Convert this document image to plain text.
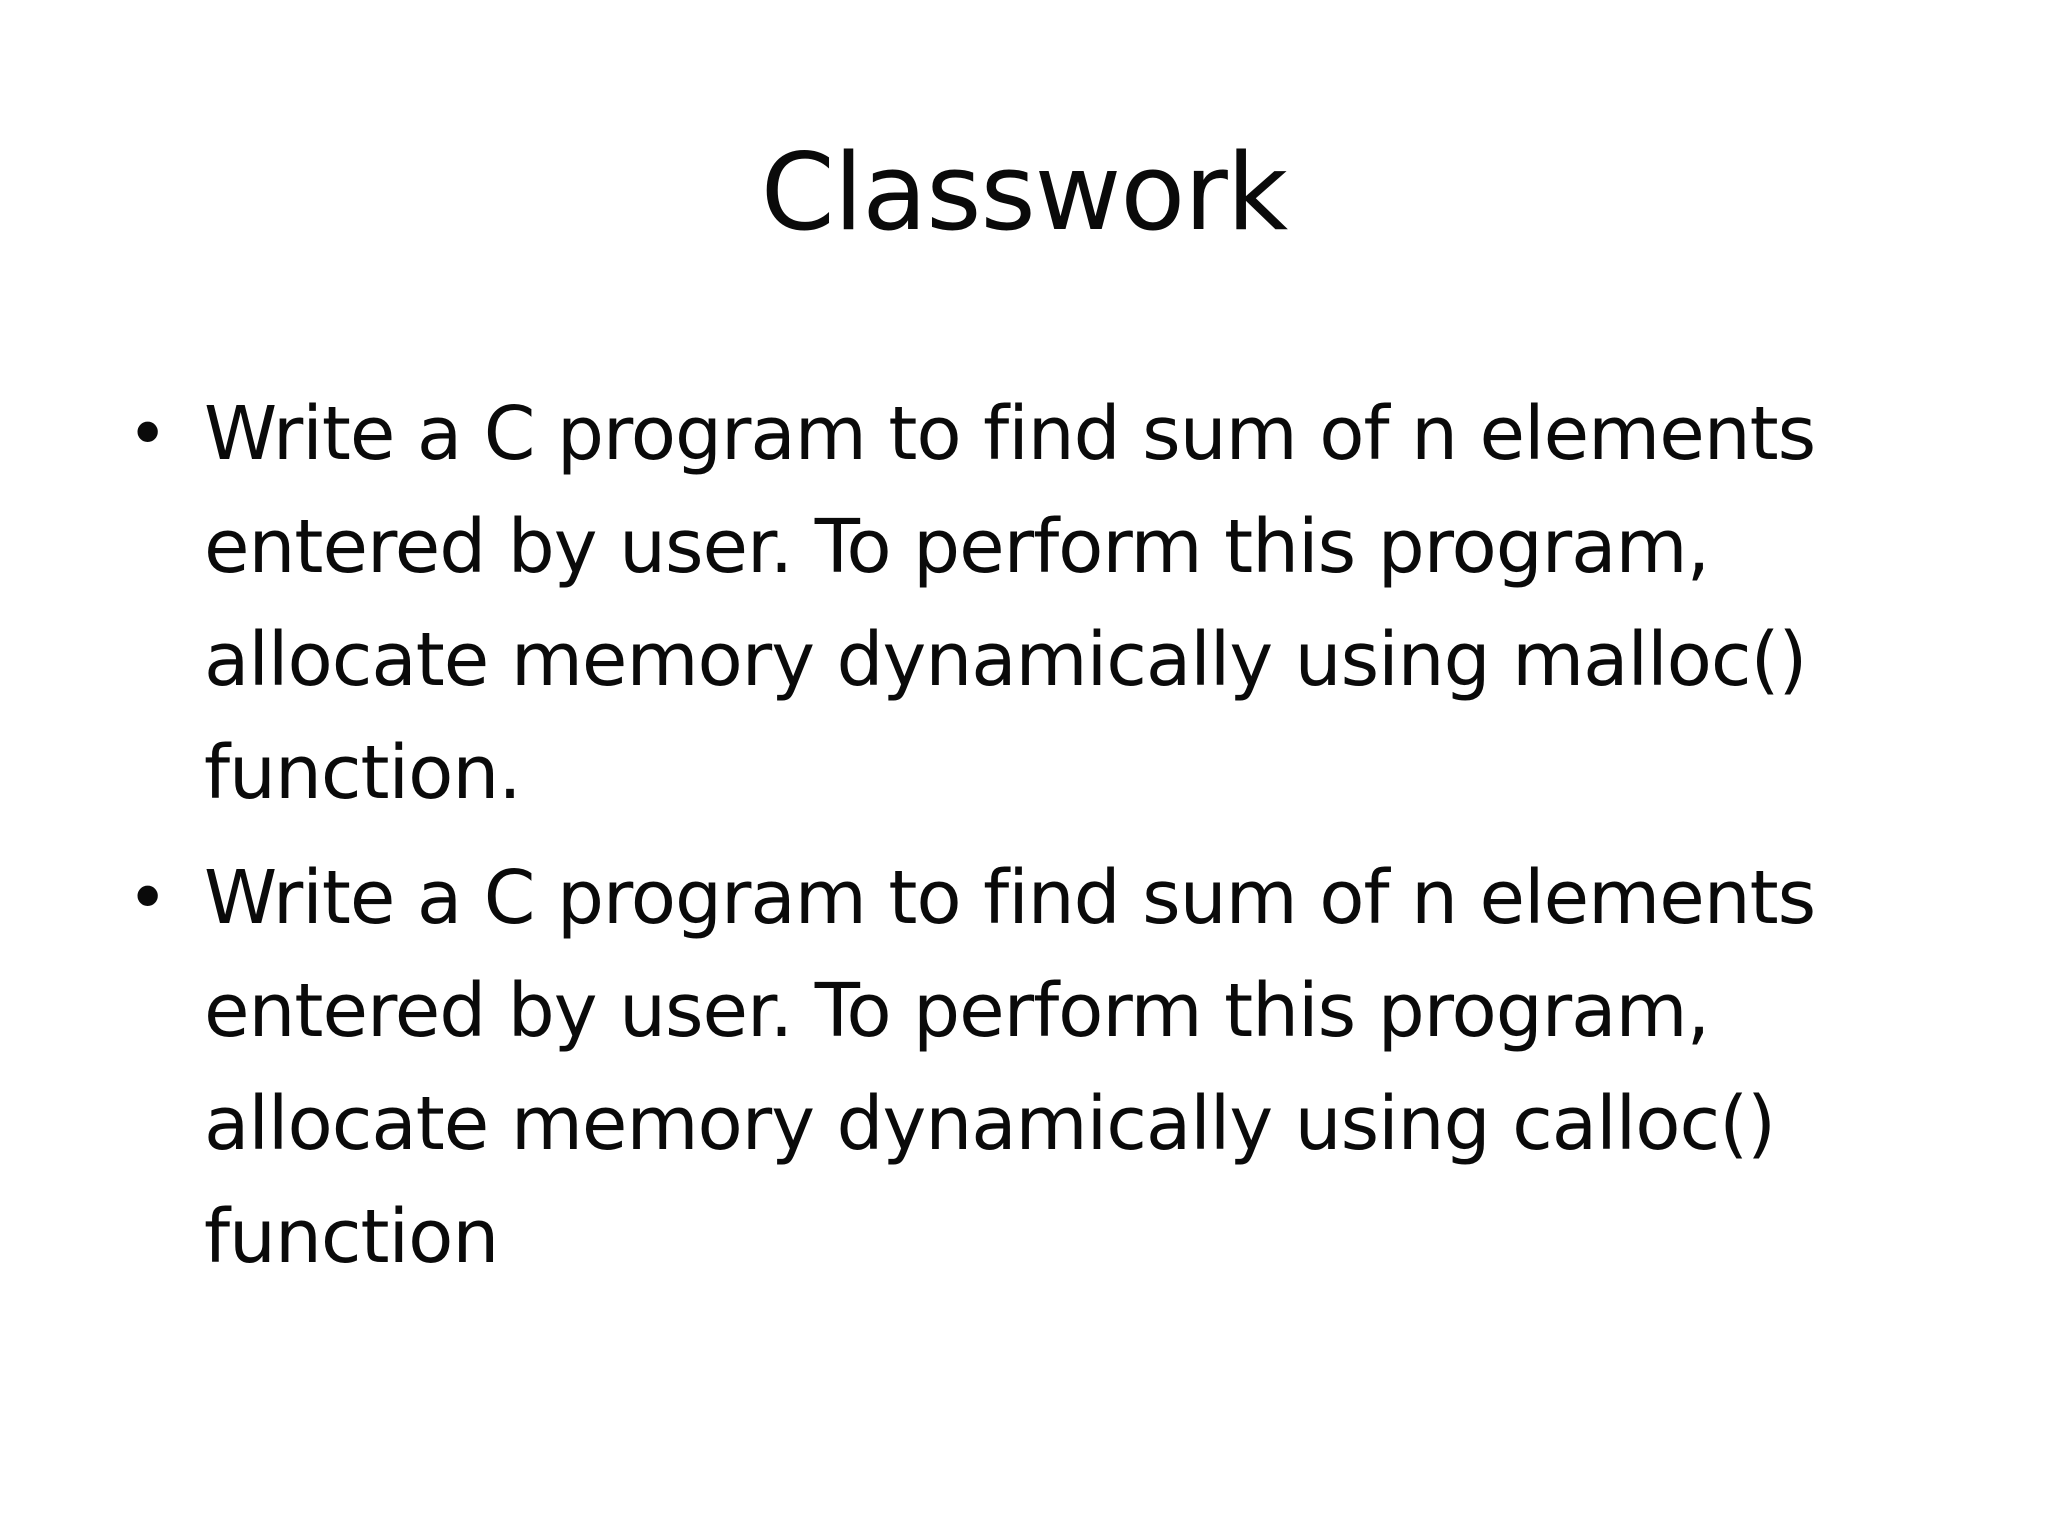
Classwork
• Write a C program to find sum of n elements
entered by user. To perform this program,
allocate memory dynamically using malloc()
function.
• Write a C program to find sum of n elements
entered by user. To perform this program,
allocate memory dynamically using calloc()
function
